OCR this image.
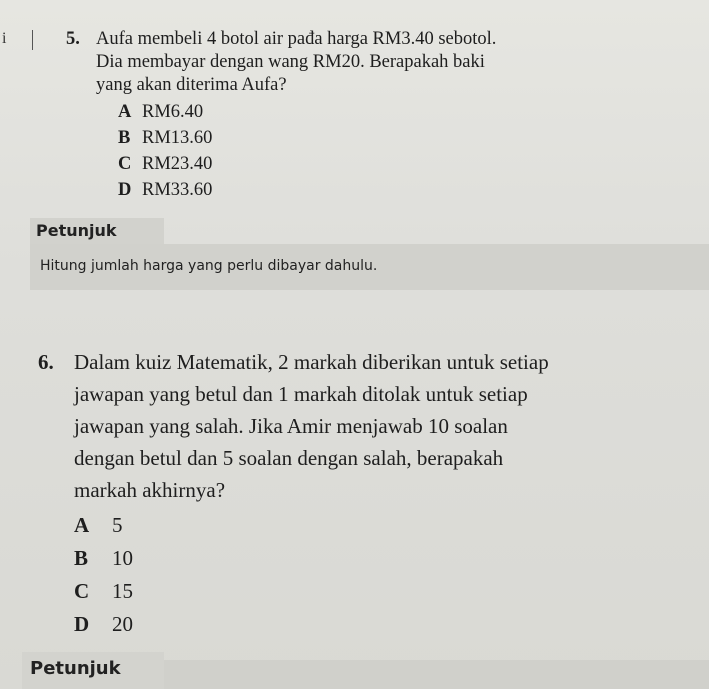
i	5. Aufa membeli 4 botol air pađa harga RM3.40 sebotol.
Dia membayar dengan wang RM20. Berapakah baki
yang akan diterima Aufa?
A RM6.40
B RM13.60
C RM23.40
D RM33.60
Petunjuk
Hitung jumlah harga yang perlu dibayar dahulu.
6. Dalam kuiz Matematik, 2 markah diberikan untuk setiap
jawapan yang betul dan 1 markah ditolak untuk setiap
jawapan yang salah. Jika Amir menjawab 10 soalan
dengan betul dan 5 soalan dengan salah, berapakah
markah akhirnya?
A	5
B	10
C	15
D	20
Petunjuk
